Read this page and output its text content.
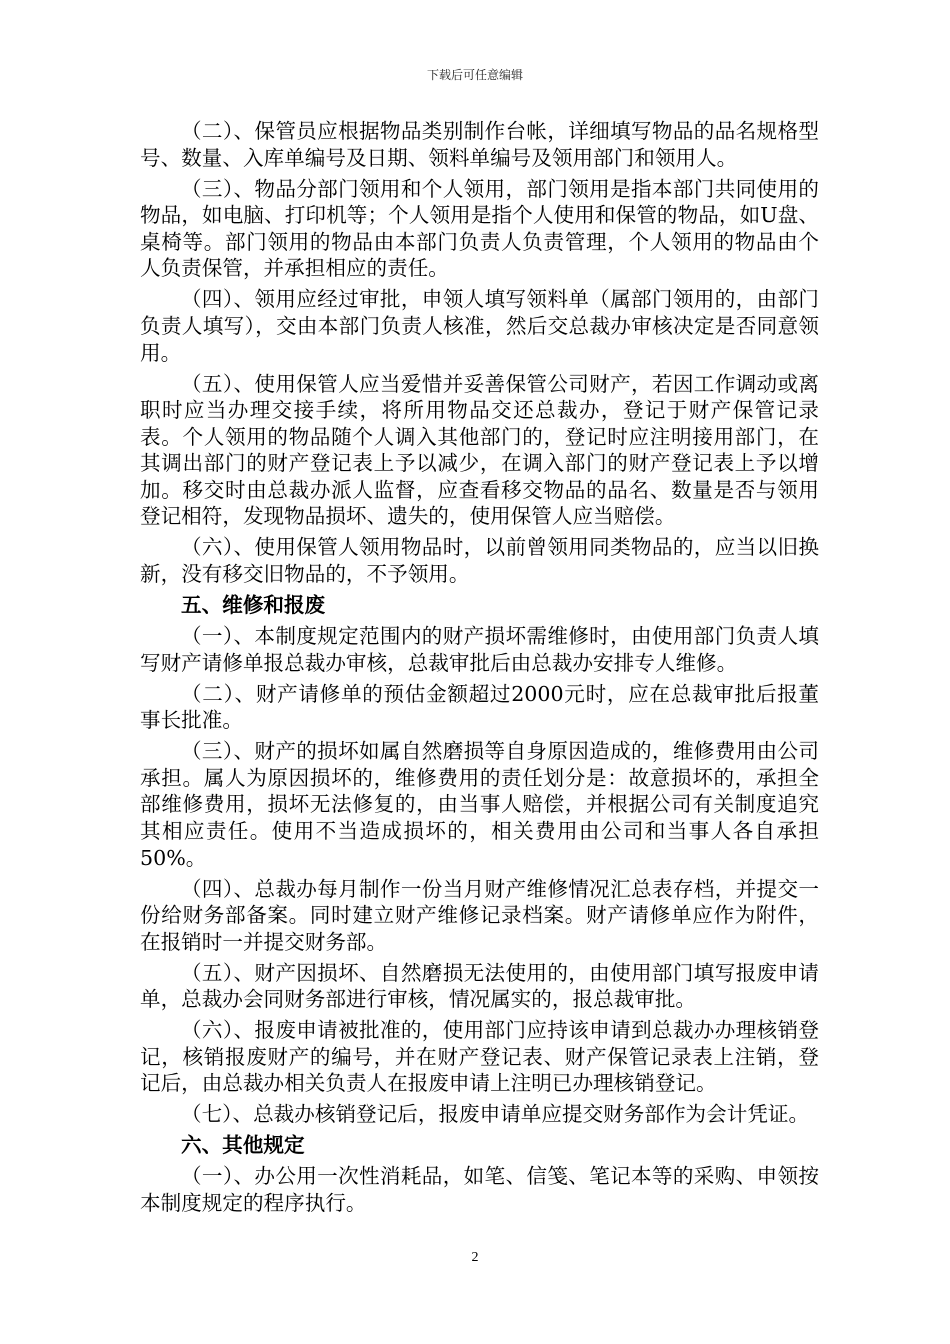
下载后可任意编辑

（二）、保管员应根据物品类别制作台帐，详细填写物品的品名规格型号、数量、入库单编号及日期、领料单编号及领用部门和领用人。

（三）、物品分部门领用和个人领用，部门领用是指本部门共同使用的物品，如电脑、打印机等；个人领用是指个人使用和保管的物品，如U盘、桌椅等。部门领用的物品由本部门负责人负责管理，个人领用的物品由个人负责保管，并承担相应的责任。

（四）、领用应经过审批，申领人填写领料单（属部门领用的，由部门负责人填写），交由本部门负责人核准，然后交总裁办审核决定是否同意领用。

（五）、使用保管人应当爱惜并妥善保管公司财产，若因工作调动或离职时应当办理交接手续，将所用物品交还总裁办，登记于财产保管记录表。个人领用的物品随个人调入其他部门的，登记时应注明接用部门，在其调出部门的财产登记表上予以减少，在调入部门的财产登记表上予以增加。移交时由总裁办派人监督，应查看移交物品的品名、数量是否与领用登记相符，发现物品损坏、遗失的，使用保管人应当赔偿。

（六）、使用保管人领用物品时，以前曾领用同类物品的，应当以旧换新，没有移交旧物品的，不予领用。

五、维修和报废

（一）、本制度规定范围内的财产损坏需维修时，由使用部门负责人填写财产请修单报总裁办审核，总裁审批后由总裁办安排专人维修。

（二）、财产请修单的预估金额超过2000元时，应在总裁审批后报董事长批准。

（三）、财产的损坏如属自然磨损等自身原因造成的，维修费用由公司承担。属人为原因损坏的，维修费用的责任划分是：故意损坏的，承担全部维修费用，损坏无法修复的，由当事人赔偿，并根据公司有关制度追究其相应责任。使用不当造成损坏的，相关费用由公司和当事人各自承担50%。

（四）、总裁办每月制作一份当月财产维修情况汇总表存档，并提交一份给财务部备案。同时建立财产维修记录档案。财产请修单应作为附件，在报销时一并提交财务部。

（五）、财产因损坏、自然磨损无法使用的，由使用部门填写报废申请单，总裁办会同财务部进行审核，情况属实的，报总裁审批。

（六）、报废申请被批准的，使用部门应持该申请到总裁办办理核销登记，核销报废财产的编号，并在财产登记表、财产保管记录表上注销，登记后，由总裁办相关负责人在报废申请上注明已办理核销登记。

（七）、总裁办核销登记后，报废申请单应提交财务部作为会计凭证。

六、其他规定

（一）、办公用一次性消耗品，如笔、信笺、笔记本等的采购、申领按本制度规定的程序执行。

2
